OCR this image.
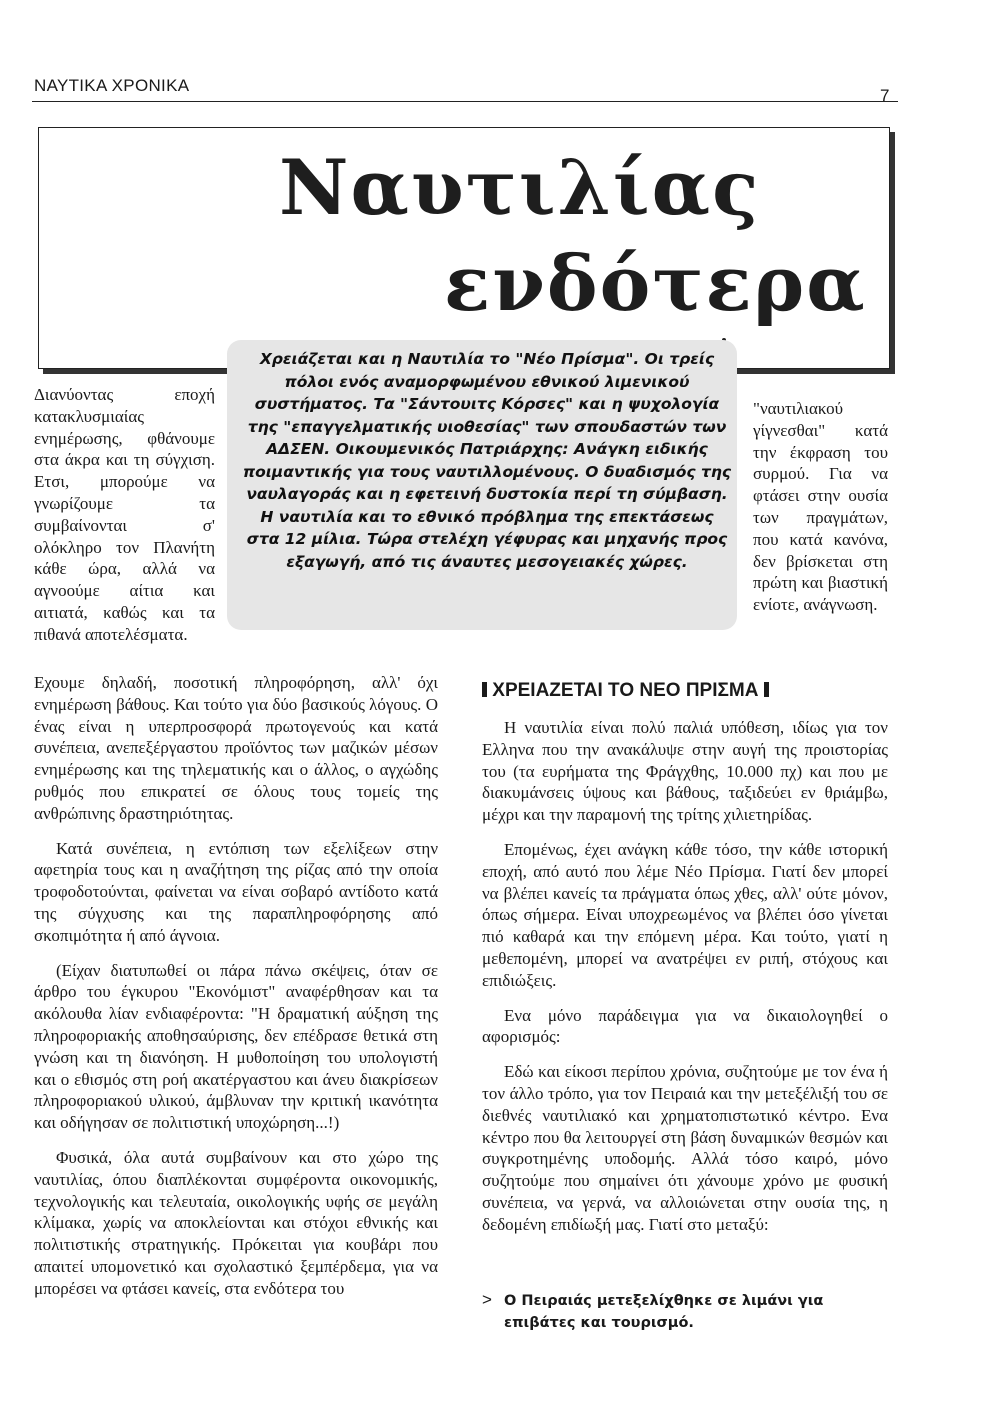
ΝΑΥΤΙΚΑ ΧΡΟΝΙΚΑ
7
Ναυτιλίας
ενδότερα

Διανύοντας εποχή κατακλυσμιαίας ενημέρωσης, φθάνουμε στα άκρα και τη σύγχιση. Ετσι, μπορούμε να γνωρίζουμε τα συμβαίνονται σ' ολόκληρο τον Πλανήτη κάθε ώρα, αλλά να αγνοούμε αίτια και αιτιατά, καθώς και τα πιθανά αποτελέσματα.

Χρειάζεται και η Ναυτιλία το "Νέο Πρίσμα". Οι τρείς πόλοι ενός αναμορφωμένου εθνικού λιμενικού συστήματος. Τα "Σάντουιτς Κόρσες" και η ψυχολογία της "επαγγελματικής υιοθεσίας" των σπουδαστών των ΑΔΣΕΝ. Οικουμενικός Πατριάρχης: Ανάγκη ειδικής ποιμαντικής για τους ναυτιλλομένους. Ο δυαδισμός της ναυλαγοράς και η εφετεινή δυστοκία περί τη σύμβαση. Η ναυτιλία και το εθνικό πρόβλημα της επεκτάσεως στα 12 μίλια. Τώρα στελέχη γέφυρας και μηχανής προς εξαγωγή, από τις άναυτες μεσογειακές χώρες.

"ναυτιλιακού γίγνεσθαι" κατά την έκφραση του συρμού. Για να φτάσει στην ουσία των πραγμάτων, που κατά κανόνα, δεν βρίσκεται στη πρώτη και βιαστική ενίοτε, ανάγνωση.

Εχουμε δηλαδή, ποσοτική πληροφόρηση, αλλ' όχι ενημέρωση βάθους. Και τούτο για δύο βασικούς λόγους. Ο ένας είναι η υπερπροσφορά πρωτογενούς και κατά συνέπεια, ανεπεξέργαστου προϊόντος των μαζικών μέσων ενημέρωσης και της τηλεματικής και ο άλλος, ο αγχώδης ρυθμός που επικρατεί σε όλους τους τομείς της ανθρώπινης δραστηριότητας.

Κατά συνέπεια, η εντόπιση των εξελίξεων στην αφετηρία τους και η αναζήτηση της ρίζας από την οποία τροφοδοτούνται, φαίνεται να είναι σοβαρό αντίδοτο κατά της σύγχυσης και της παραπληροφόρησης από σκοπιμότητα ή από άγνοια.

(Είχαν διατυπωθεί οι πάρα πάνω σκέψεις, όταν σε άρθρο του έγκυρου "Εκονόμιστ" αναφέρθησαν και τα ακόλουθα λίαν ενδιαφέροντα: "Η δραματική αύξηση της πληροφοριακής αποθησαύρισης, δεν επέδρασε θετικά στη γνώση και τη διανόηση. Η μυθοποίηση του υπολογιστή και ο εθισμός στη ροή ακατέργαστου και άνευ διακρίσεων πληροφοριακού υλικού, άμβλυναν την κριτική ικανότητα και οδήγησαν σε πολιτιστική υποχώρηση...!)

Φυσικά, όλα αυτά συμβαίνουν και στο χώρο της ναυτιλίας, όπου διαπλέκονται συμφέροντα οικονομικής, τεχνολογικής και τελευταία, οικολογικής υφής σε μεγάλη κλίμακα, χωρίς να αποκλείονται και στόχοι εθνικής και πολιτιστικής στρατηγικής. Πρόκειται για κουβάρι που απαιτεί υπομονετικό και σχολαστικό ξεμπέρδεμα, για να μπορέσει να φτάσει κανείς, στα ενδότερα του

ΧΡΕΙΑΖΕΤΑΙ ΤΟ ΝΕΟ ΠΡΙΣΜΑ

Η ναυτιλία είναι πολύ παλιά υπόθεση, ιδίως για τον Ελληνα που την ανακάλυψε στην αυγή της προιστορίας του (τα ευρήματα της Φράγχθης, 10.000 πχ) και που με διακυμάνσεις ύψους και βάθους, ταξιδεύει εν θριάμβω, μέχρι και την παραμονή της τρίτης χιλιετηρίδας.

Επομένως, έχει ανάγκη κάθε τόσο, την κάθε ιστορική εποχή, από αυτό που λέμε Νέο Πρίσμα. Γιατί δεν μπορεί να βλέπει κανείς τα πράγματα όπως χθες, αλλ' ούτε μόνον, όπως σήμερα. Είναι υποχρεωμένος να βλέπει όσο γίνεται πιό καθαρά και την επόμενη μέρα. Και τούτο, γιατί η μεθεπομένη, μπορεί να ανατρέψει εν ριπή, στόχους και επιδιώξεις.

Ενα μόνο παράδειγμα για να δικαιολογηθεί ο αφορισμός:

Εδώ και είκοσι περίπου χρόνια, συζητούμε με τον ένα ή τον άλλο τρόπο, για τον Πειραιά και την μετεξέλιξή του σε διεθνές ναυτιλιακό και χρηματοπιστωτικό κέντρο. Ενα κέντρο που θα λειτουργεί στη βάση δυναμικών θεσμών και συγκροτημένης υποδομής. Αλλά τόσο καιρό, μόνο συζητούμε που σημαίνει ότι χάνουμε χρόνο με φυσική συνέπεια, να γερνά, να αλλοιώνεται στην ουσία της, η δεδομένη επιδίωξή μας. Γιατί στο μεταξύ:

> Ο Πειραιάς μετεξελίχθηκε σε λιμάνι για επιβάτες και τουρισμό.
